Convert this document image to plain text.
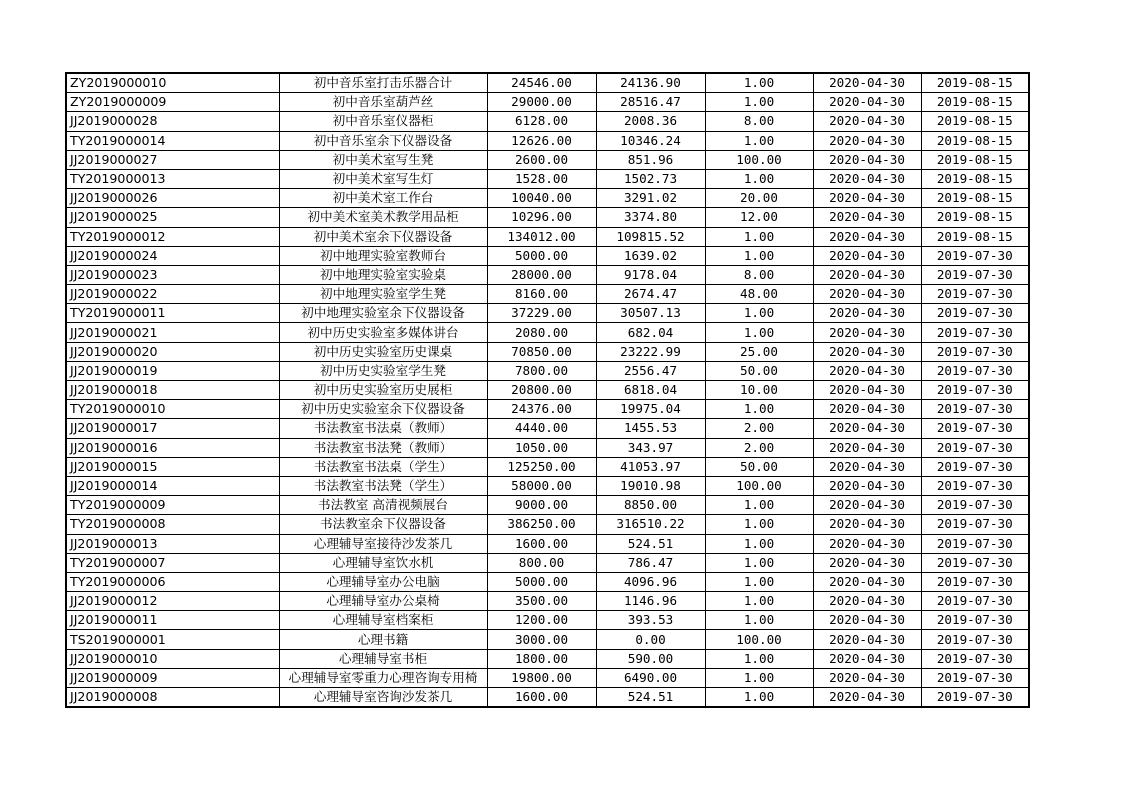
ZY2019000010	初中音乐室打击乐器合计	24546.00	24136.90	1.00	2020-04-30	2019-08-15
ZY2019000009	初中音乐室葫芦丝	29000.00	28516.47	1.00	2020-04-30	2019-08-15
JJ2019000028	初中音乐室仪器柜	6128.00	2008.36	8.00	2020-04-30	2019-08-15
TY2019000014	初中音乐室余下仪器设备	12626.00	10346.24	1.00	2020-04-30	2019-08-15
JJ2019000027	初中美术室写生凳	2600.00	851.96	100.00	2020-04-30	2019-08-15
TY2019000013	初中美术室写生灯	1528.00	1502.73	1.00	2020-04-30	2019-08-15
JJ2019000026	初中美术室工作台	10040.00	3291.02	20.00	2020-04-30	2019-08-15
JJ2019000025	初中美术室美术教学用品柜	10296.00	3374.80	12.00	2020-04-30	2019-08-15
TY2019000012	初中美术室余下仪器设备	134012.00	109815.52	1.00	2020-04-30	2019-08-15
JJ2019000024	初中地理实验室教师台	5000.00	1639.02	1.00	2020-04-30	2019-07-30
JJ2019000023	初中地理实验室实验桌	28000.00	9178.04	8.00	2020-04-30	2019-07-30
JJ2019000022	初中地理实验室学生凳	8160.00	2674.47	48.00	2020-04-30	2019-07-30
TY2019000011	初中地理实验室余下仪器设备	37229.00	30507.13	1.00	2020-04-30	2019-07-30
JJ2019000021	初中历史实验室多媒体讲台	2080.00	682.04	1.00	2020-04-30	2019-07-30
JJ2019000020	初中历史实验室历史课桌	70850.00	23222.99	25.00	2020-04-30	2019-07-30
JJ2019000019	初中历史实验室学生凳	7800.00	2556.47	50.00	2020-04-30	2019-07-30
JJ2019000018	初中历史实验室历史展柜	20800.00	6818.04	10.00	2020-04-30	2019-07-30
TY2019000010	初中历史实验室余下仪器设备	24376.00	19975.04	1.00	2020-04-30	2019-07-30
JJ2019000017	书法教室书法桌（教师）	4440.00	1455.53	2.00	2020-04-30	2019-07-30
JJ2019000016	书法教室书法凳（教师）	1050.00	343.97	2.00	2020-04-30	2019-07-30
JJ2019000015	书法教室书法桌（学生）	125250.00	41053.97	50.00	2020-04-30	2019-07-30
JJ2019000014	书法教室书法凳（学生）	58000.00	19010.98	100.00	2020-04-30	2019-07-30
TY2019000009	书法教室 高清视频展台	9000.00	8850.00	1.00	2020-04-30	2019-07-30
TY2019000008	书法教室余下仪器设备	386250.00	316510.22	1.00	2020-04-30	2019-07-30
JJ2019000013	心理辅导室接待沙发茶几	1600.00	524.51	1.00	2020-04-30	2019-07-30
TY2019000007	心理辅导室饮水机	800.00	786.47	1.00	2020-04-30	2019-07-30
TY2019000006	心理辅导室办公电脑	5000.00	4096.96	1.00	2020-04-30	2019-07-30
JJ2019000012	心理辅导室办公桌椅	3500.00	1146.96	1.00	2020-04-30	2019-07-30
JJ2019000011	心理辅导室档案柜	1200.00	393.53	1.00	2020-04-30	2019-07-30
TS2019000001	心理书籍	3000.00	0.00	100.00	2020-04-30	2019-07-30
JJ2019000010	心理辅导室书柜	1800.00	590.00	1.00	2020-04-30	2019-07-30
JJ2019000009	心理辅导室零重力心理咨询专用椅	19800.00	6490.00	1.00	2020-04-30	2019-07-30
JJ2019000008	心理辅导室咨询沙发茶几	1600.00	524.51	1.00	2020-04-30	2019-07-30
